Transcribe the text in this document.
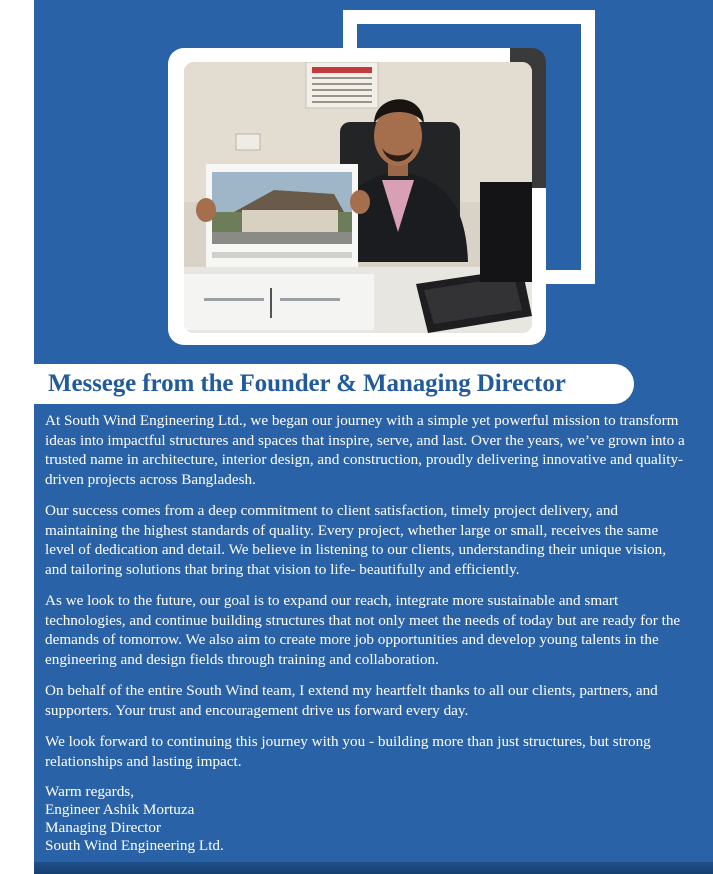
Messege from the Founder & Managing Director

At South Wind Engineering Ltd., we began our journey with a simple yet powerful mission to transform ideas into impactful structures and spaces that inspire, serve, and last. Over the years, we’ve grown into a trusted name in architecture, interior design, and construction, proudly delivering innovative and quality-driven projects across Bangladesh.

Our success comes from a deep commitment to client satisfaction, timely project delivery, and maintaining the highest standards of quality. Every project, whether large or small, receives the same level of dedication and detail. We believe in listening to our clients, understanding their unique vision, and tailoring solutions that bring that vision to life- beautifully and efficiently.

As we look to the future, our goal is to expand our reach, integrate more sustainable and smart technologies, and continue building structures that not only meet the needs of today but are ready for the demands of tomorrow. We also aim to create more job opportunities and develop young talents in the engineering and design fields through training and collaboration.

On behalf of the entire South Wind team, I extend my heartfelt thanks to all our clients, partners, and supporters. Your trust and encouragement drive us forward every day.

We look forward to continuing this journey with you - building more than just structures, but strong relationships and lasting impact.

Warm regards,
Engineer Ashik Mortuza
Managing Director
South Wind Engineering Ltd.
